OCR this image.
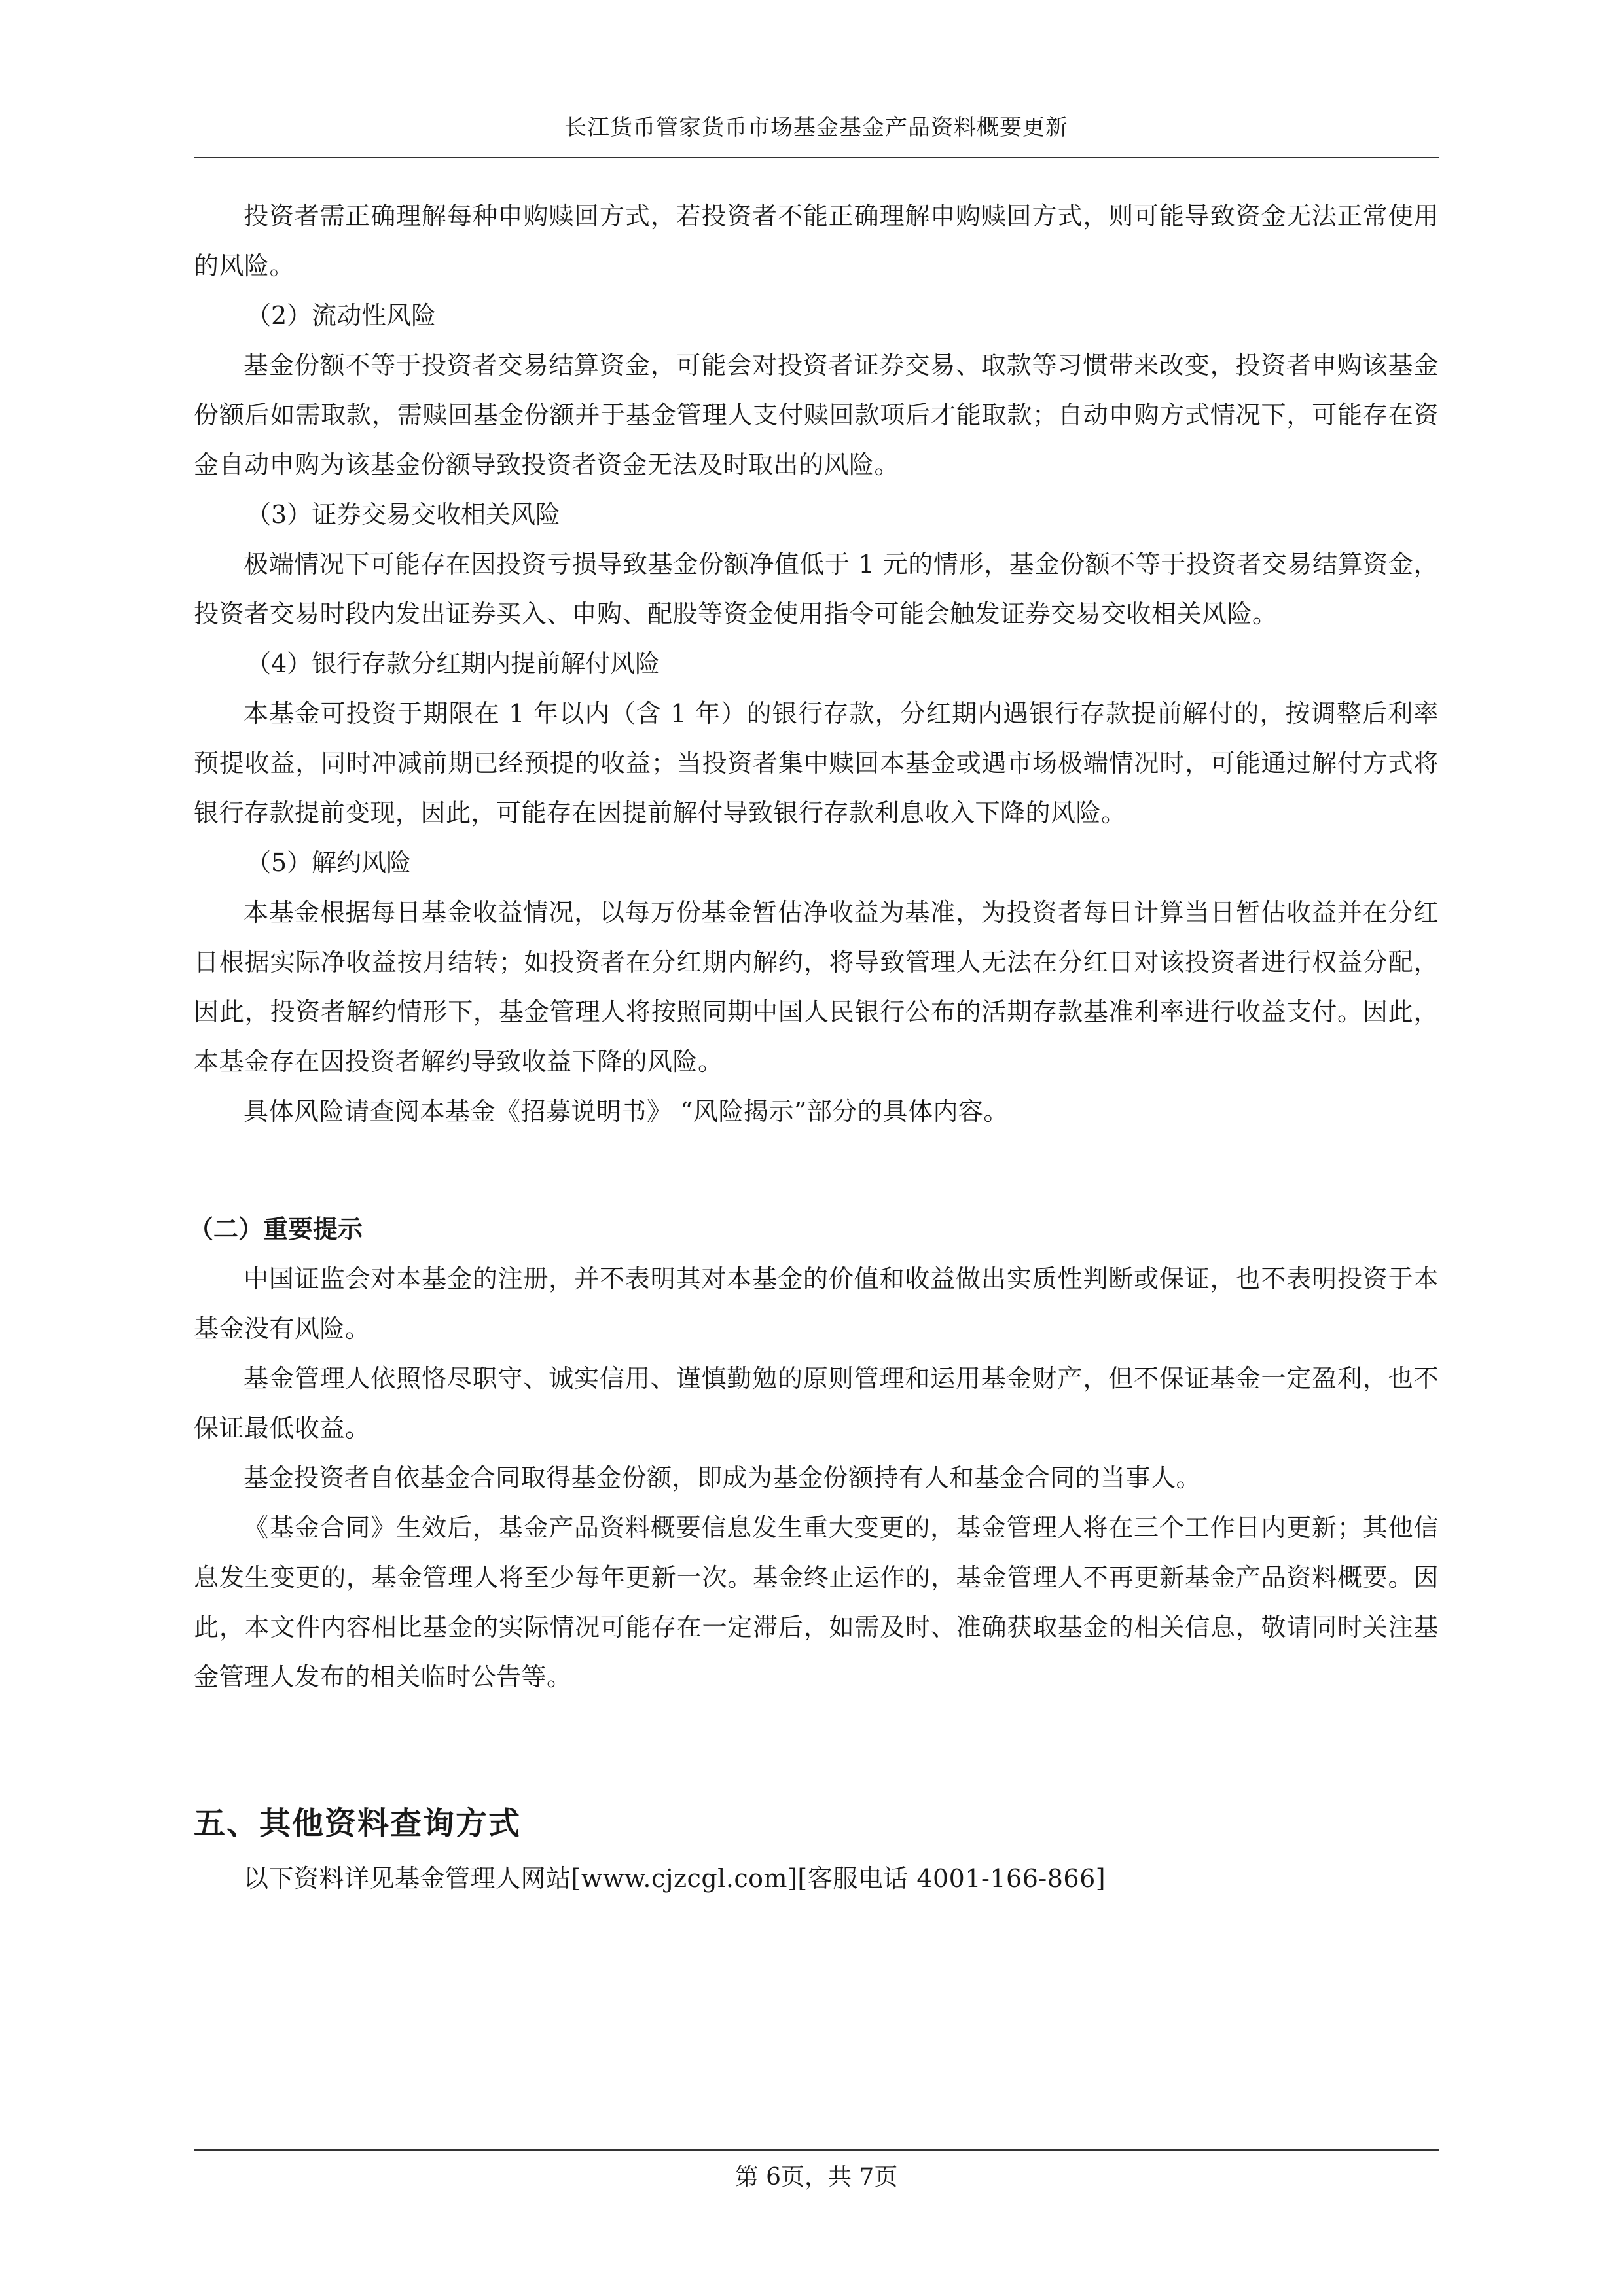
长江货币管家货币市场基金基金产品资料概要更新

投资者需正确理解每种申购赎回方式，若投资者不能正确理解申购赎回方式，则可能导致资金无法正常使用的风险。

（2）流动性风险

基金份额不等于投资者交易结算资金，可能会对投资者证券交易、取款等习惯带来改变，投资者申购该基金份额后如需取款，需赎回基金份额并于基金管理人支付赎回款项后才能取款；自动申购方式情况下，可能存在资金自动申购为该基金份额导致投资者资金无法及时取出的风险。

（3）证券交易交收相关风险

极端情况下可能存在因投资亏损导致基金份额净值低于 1 元的情形，基金份额不等于投资者交易结算资金，投资者交易时段内发出证券买入、申购、配股等资金使用指令可能会触发证券交易交收相关风险。

（4）银行存款分红期内提前解付风险

本基金可投资于期限在 1 年以内（含 1 年）的银行存款，分红期内遇银行存款提前解付的，按调整后利率预提收益，同时冲减前期已经预提的收益；当投资者集中赎回本基金或遇市场极端情况时，可能通过解付方式将银行存款提前变现，因此，可能存在因提前解付导致银行存款利息收入下降的风险。

（5）解约风险

本基金根据每日基金收益情况，以每万份基金暂估净收益为基准，为投资者每日计算当日暂估收益并在分红日根据实际净收益按月结转；如投资者在分红期内解约，将导致管理人无法在分红日对该投资者进行权益分配，因此，投资者解约情形下，基金管理人将按照同期中国人民银行公布的活期存款基准利率进行收益支付。因此，本基金存在因投资者解约导致收益下降的风险。

具体风险请查阅本基金《招募说明书》 “风险揭示”部分的具体内容。

（二）重要提示

中国证监会对本基金的注册，并不表明其对本基金的价值和收益做出实质性判断或保证，也不表明投资于本基金没有风险。

基金管理人依照恪尽职守、诚实信用、谨慎勤勉的原则管理和运用基金财产，但不保证基金一定盈利，也不保证最低收益。

基金投资者自依基金合同取得基金份额，即成为基金份额持有人和基金合同的当事人。

《基金合同》生效后，基金产品资料概要信息发生重大变更的，基金管理人将在三个工作日内更新；其他信息发生变更的，基金管理人将至少每年更新一次。基金终止运作的，基金管理人不再更新基金产品资料概要。因此，本文件内容相比基金的实际情况可能存在一定滞后，如需及时、准确获取基金的相关信息，敬请同时关注基金管理人发布的相关临时公告等。

五、其他资料查询方式

以下资料详见基金管理人网站[www.cjzcgl.com][客服电话 4001-166-866]

第 6页，共 7页
